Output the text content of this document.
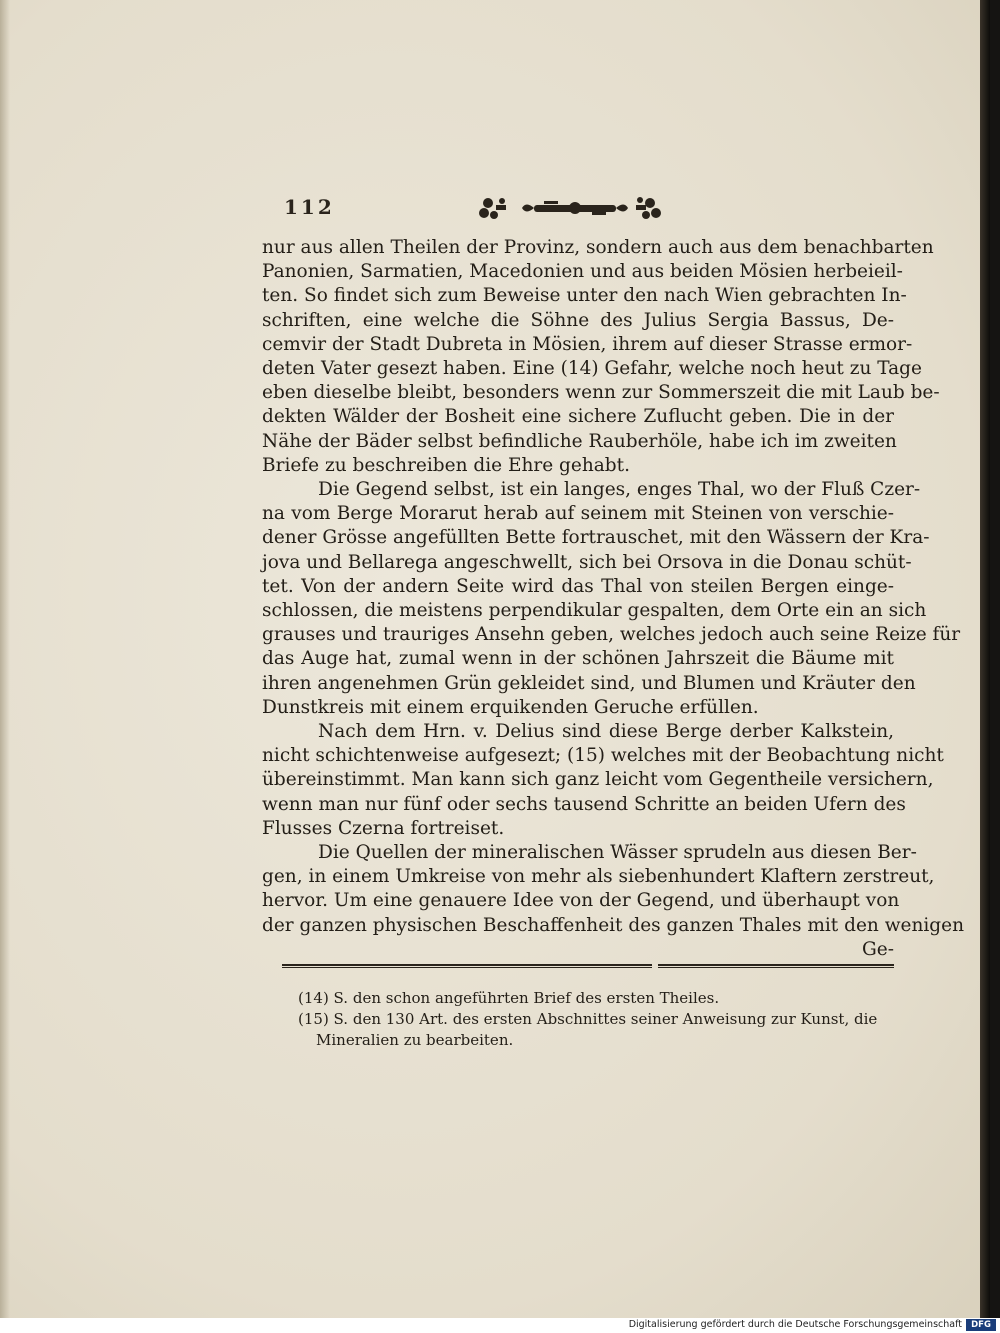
112
nur aus allen Theilen der Provinz, sondern auch aus dem benachbarten
Panonien, Sarmatien, Macedonien und aus beiden Mösien herbeieil-
ten. So findet sich zum Beweise unter den nach Wien gebrachten In-
schriften, eine welche die Söhne des Julius Sergia Bassus, De-
cemvir der Stadt Dubreta in Mösien, ihrem auf dieser Strasse ermor-
deten Vater gesezt haben. Eine (14) Gefahr, welche noch heut zu Tage
eben dieselbe bleibt, besonders wenn zur Sommerszeit die mit Laub be-
dekten Wälder der Bosheit eine sichere Zuflucht geben. Die in der
Nähe der Bäder selbst befindliche Rauberhöle, habe ich im zweiten
Briefe zu beschreiben die Ehre gehabt.
Die Gegend selbst, ist ein langes, enges Thal, wo der Fluß Czer-
na vom Berge Morarut herab auf seinem mit Steinen von verschie-
dener Grösse angefüllten Bette fortrauschet, mit den Wässern der Kra-
jova und Bellarega angeschwellt, sich bei Orsova in die Donau schüt-
tet. Von der andern Seite wird das Thal von steilen Bergen einge-
schlossen, die meistens perpendikular gespalten, dem Orte ein an sich
grauses und trauriges Ansehn geben, welches jedoch auch seine Reize für
das Auge hat, zumal wenn in der schönen Jahrszeit die Bäume mit
ihren angenehmen Grün gekleidet sind, und Blumen und Kräuter den
Dunstkreis mit einem erquikenden Geruche erfüllen.
Nach dem Hrn. v. Delius sind diese Berge derber Kalkstein,
nicht schichtenweise aufgesezt; (15) welches mit der Beobachtung nicht
übereinstimmt. Man kann sich ganz leicht vom Gegentheile versichern,
wenn man nur fünf oder sechs tausend Schritte an beiden Ufern des
Flusses Czerna fortreiset.
Die Quellen der mineralischen Wässer sprudeln aus diesen Ber-
gen, in einem Umkreise von mehr als siebenhundert Klaftern zerstreut,
hervor. Um eine genauere Idee von der Gegend, und überhaupt von
der ganzen physischen Beschaffenheit des ganzen Thales mit den wenigen
Ge-
(14) S. den schon angeführten Brief des ersten Theiles.
(15) S. den 130 Art. des ersten Abschnittes seiner Anweisung zur Kunst, die
Mineralien zu bearbeiten.
Digitalisierung gefördert durch die Deutsche Forschungsgemeinschaft	DFG
